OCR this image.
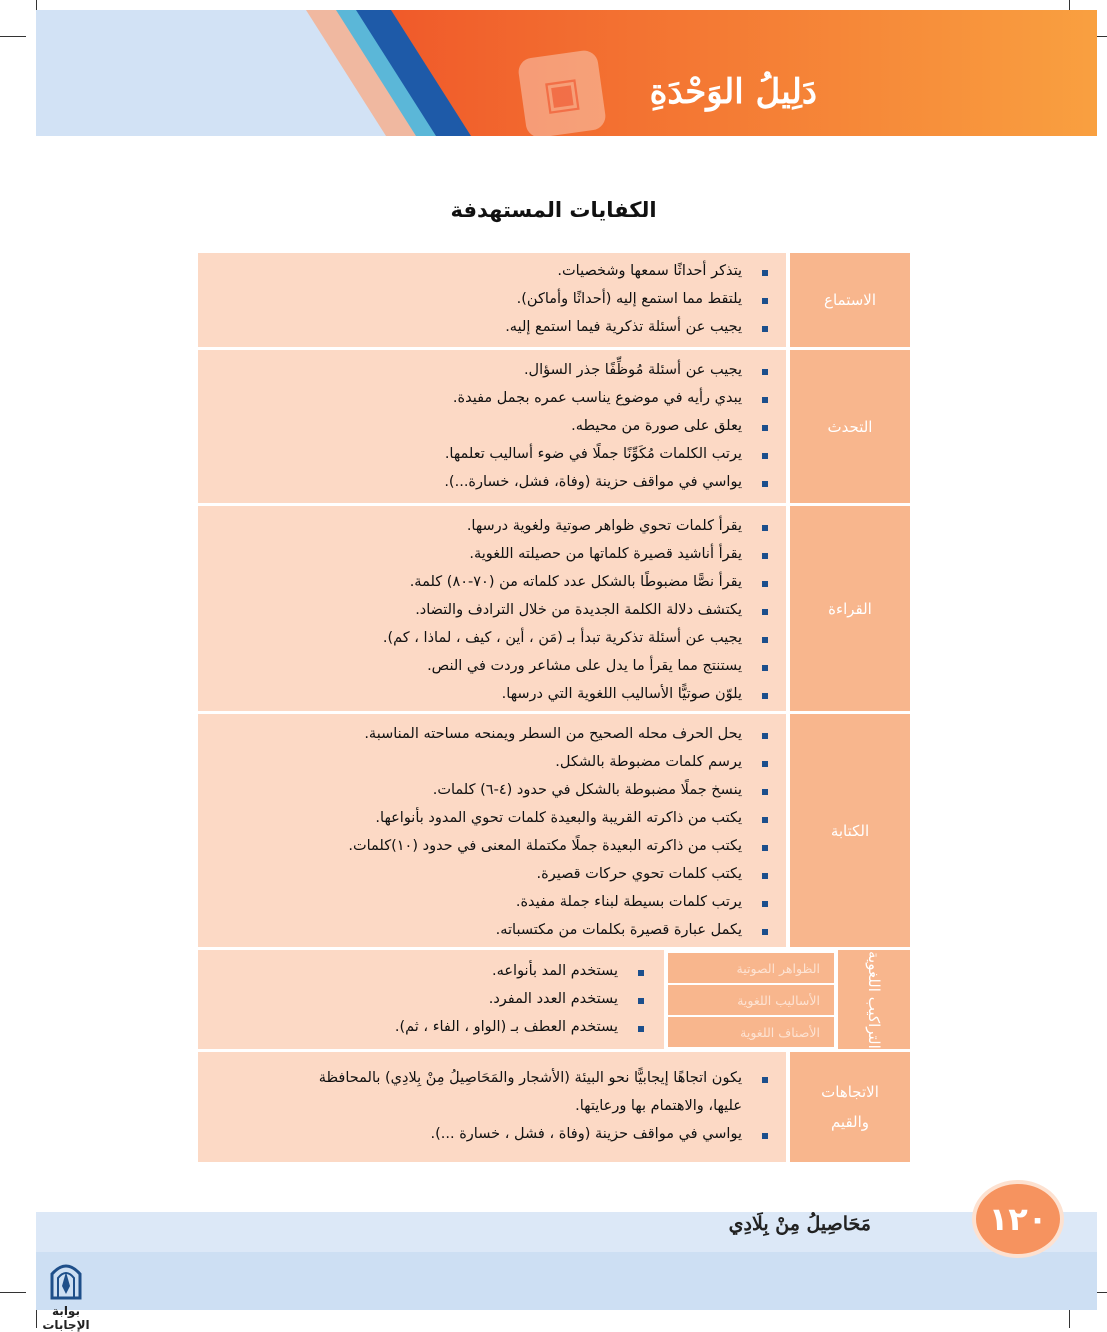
▣ دَلِيلُ الوَحْدَةِ
الكفايات المستهدفة
يتذكر أحداثًا سمعها وشخصيات.
يلتقط مما استمع إليه (أحداثًا وأماكن).
يجيب عن أسئلة تذكرية فيما استمع إليه.
الاستماع
يجيب عن أسئلة مُوظِّفًا جذر السؤال.
يبدي رأيه في موضوع يناسب عمره بجمل مفيدة.
يعلق على صورة من محيطه.
يرتب الكلمات مُكَوِّنًا جملًا في ضوء أساليب تعلمها.
يواسي في مواقف حزينة (وفاة، فشل، خسارة...).
التحدث
يقرأ كلمات تحوي ظواهر صوتية ولغوية درسها.
يقرأ أناشيد قصيرة كلماتها من حصيلته اللغوية.
يقرأ نصًّا مضبوطًا بالشكل عدد كلماته من (٧٠-٨٠) كلمة.
يكتشف دلالة الكلمة الجديدة من خلال الترادف والتضاد.
يجيب عن أسئلة تذكرية تبدأ بـ (مَن ، أين ، كيف ، لماذا ، كم).
يستنتج مما يقرأ ما يدل على مشاعر وردت في النص.
يلوّن صوتيًّا الأساليب اللغوية التي درسها.
القراءة
يحل الحرف محله الصحيح من السطر ويمنحه مساحته المناسبة.
يرسم كلمات مضبوطة بالشكل.
ينسخ جملًا مضبوطة بالشكل في حدود (٤-٦) كلمات.
يكتب من ذاكرته القريبة والبعيدة كلمات تحوي المدود بأنواعها.
يكتب من ذاكرته البعيدة جملًا مكتملة المعنى في حدود (١٠)كلمات.
يكتب كلمات تحوي حركات قصيرة.
يرتب كلمات بسيطة لبناء جملة مفيدة.
يكمل عبارة قصيرة بكلمات من مكتسباته.
الكتابة
يستخدم المد بأنواعه.
يستخدم العدد المفرد.
يستخدم العطف بـ (الواو ، الفاء ، ثم).
الظواهر الصوتية
الأساليب اللغوية
الأصناف اللغوية	التراكيب اللغوية
يكون اتجاهًا إيجابيًّا نحو البيئة (الأشجار والمَحَاصِيلُ مِنْ بِلادِي) بالمحافظة
عليها، والاهتمام بها ورعايتها.
يواسي في مواقف حزينة (وفاة ، فشل ، خسارة ...).
الاتجاهات
والقيم
١٢٠
مَحَاصِيلُ مِنْ بِلَادِي
بوابة الإجابات
